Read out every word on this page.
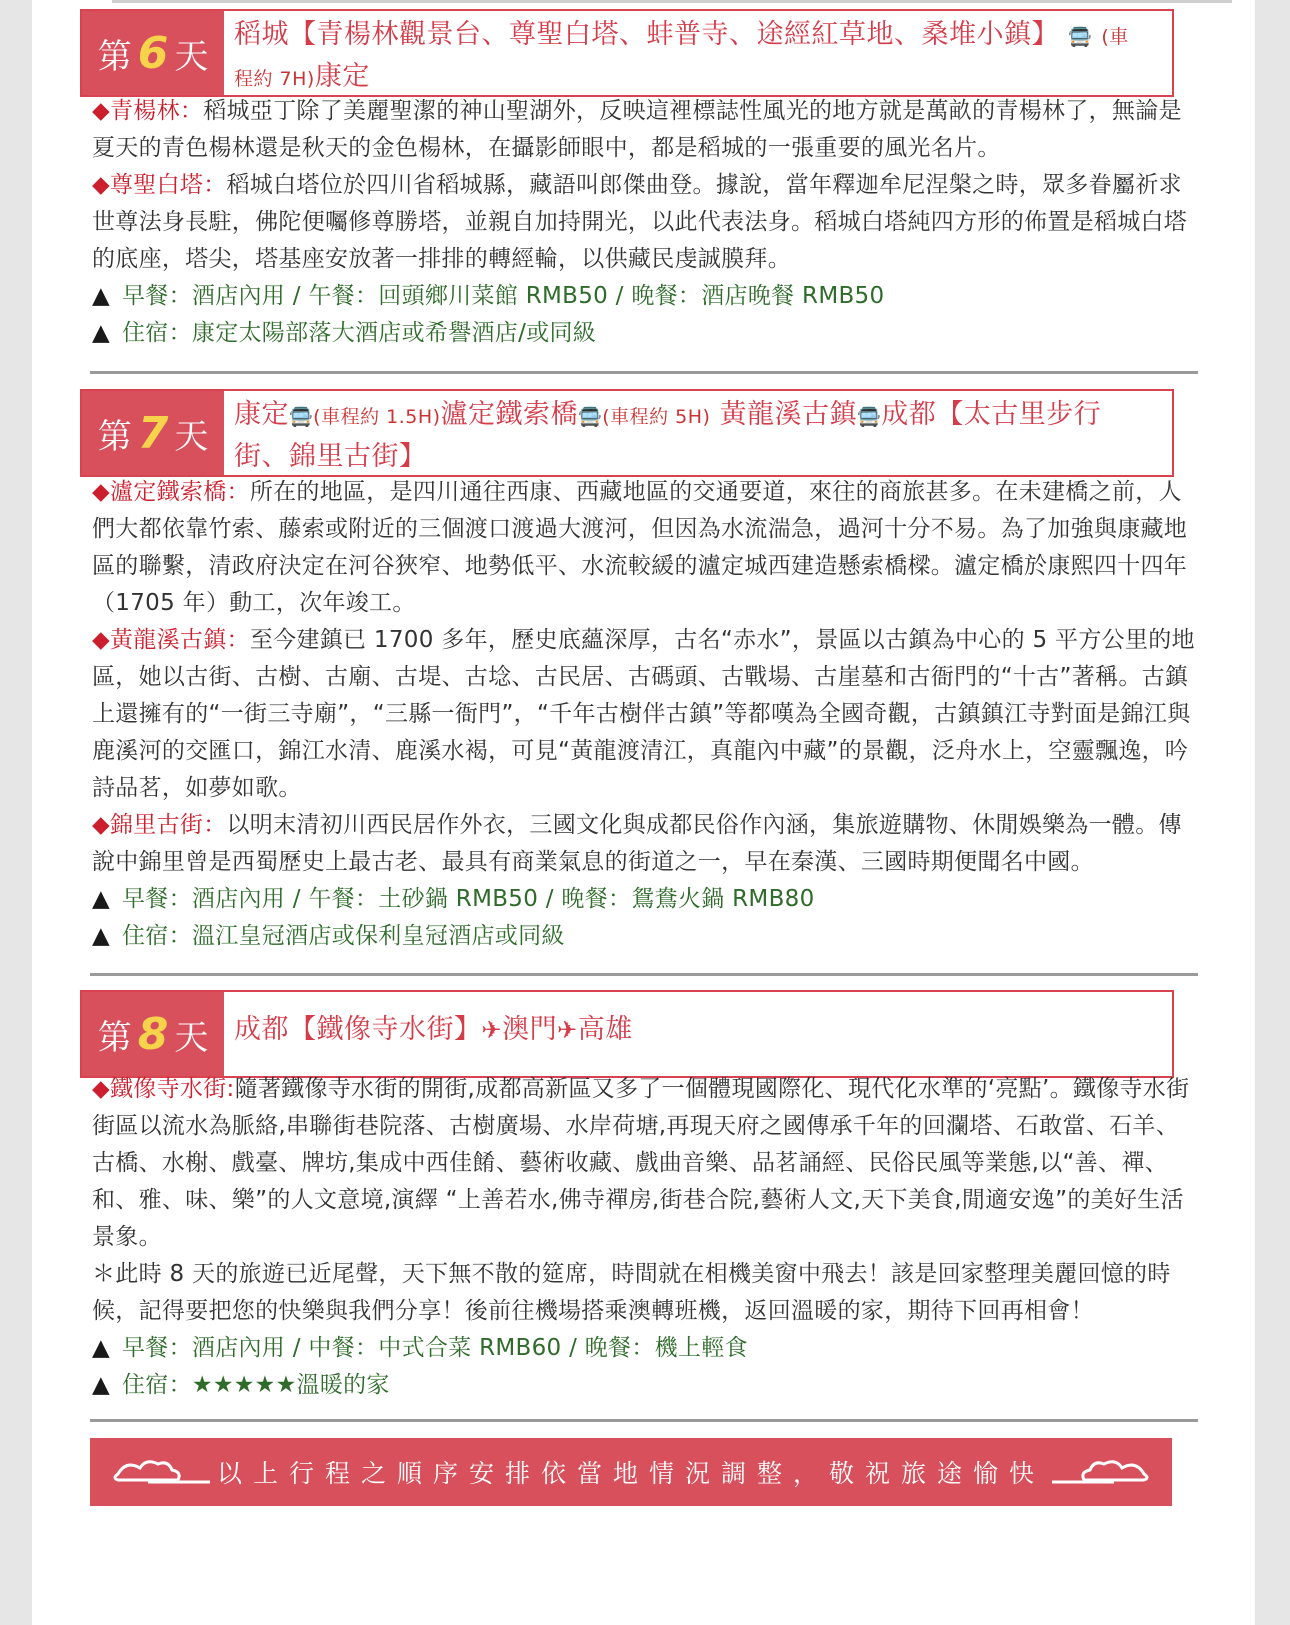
第 6 天
稻城【青楊林觀景台、尊聖白塔、蚌普寺、途經紅草地、桑堆小鎮】 🚍 (車
程約 7H)康定

◆青楊林：稻城亞丁除了美麗聖潔的神山聖湖外，反映這裡標誌性風光的地方就是萬畝的青楊林了，無論是夏天的青色楊林還是秋天的金色楊林，在攝影師眼中，都是稻城的一張重要的風光名片。

◆尊聖白塔：稻城白塔位於四川省稻城縣，藏語叫郎傑曲登。據說，當年釋迦牟尼涅槃之時，眾多眷屬祈求世尊法身長駐，佛陀便囑修尊勝塔，並親自加持開光，以此代表法身。稻城白塔純四方形的佈置是稻城白塔的底座，塔尖，塔基座安放著一排排的轉經輪，以供藏民虔誠膜拜。

▲ 早餐：酒店內用 / 午餐：回頭鄉川菜館 RMB50 / 晚餐：酒店晚餐 RMB50

▲ 住宿：康定太陽部落大酒店或希譽酒店/或同級

第 7 天
康定🚍(車程約 1.5H)瀘定鐵索橋🚍(車程約 5H) 黃龍溪古鎮🚍成都【太古里步行
街、錦里古街】

◆瀘定鐵索橋：所在的地區，是四川通往西康、西藏地區的交通要道，來往的商旅甚多。在未建橋之前，人們大都依靠竹索、藤索或附近的三個渡口渡過大渡河，但因為水流湍急，過河十分不易。為了加強與康藏地區的聯繫，清政府決定在河谷狹窄、地勢低平、水流較緩的瀘定城西建造懸索橋樑。瀘定橋於康熙四十四年（1705 年）動工，次年竣工。

◆黃龍溪古鎮：至今建鎮已 1700 多年，歷史底蘊深厚，古名“赤水”，景區以古鎮為中心的 5 平方公里的地區，她以古街、古樹、古廟、古堤、古埝、古民居、古碼頭、古戰場、古崖墓和古衙門的“十古”著稱。古鎮上還擁有的“一街三寺廟”，“三縣一衙門”，“千年古樹伴古鎮”等都嘆為全國奇觀，古鎮鎮江寺對面是錦江與鹿溪河的交匯口，錦江水清、鹿溪水褐，可見“黃龍渡清江，真龍內中藏”的景觀，泛舟水上，空靈飄逸，吟詩品茗，如夢如歌。

◆錦里古街：以明末清初川西民居作外衣，三國文化與成都民俗作內涵，集旅遊購物、休閒娛樂為一體。傳說中錦里曾是西蜀歷史上最古老、最具有商業氣息的街道之一，早在秦漢、三國時期便聞名中國。

▲ 早餐：酒店內用 / 午餐：土砂鍋 RMB50 / 晚餐：鴛鴦火鍋 RMB80

▲ 住宿：溫江皇冠酒店或保利皇冠酒店或同級

第 8 天 成都【鐵像寺水街】✈澳門✈高雄

◆鐵像寺水街:隨著鐵像寺水街的開街,成都高新區又多了一個體現國際化、現代化水準的‘亮點’。鐵像寺水街街區以流水為脈絡,串聯街巷院落、古樹廣場、水岸荷塘,再現天府之國傳承千年的回瀾塔、石敢當、石羊、古橋、水榭、戲臺、牌坊,集成中西佳餚、藝術收藏、戲曲音樂、品茗誦經、民俗民風等業態,以“善、禪、和、雅、味、樂”的人文意境,演繹 “上善若水,佛寺禪房,街巷合院,藝術人文,天下美食,閒適安逸”的美好生活景象。

＊此時 8 天的旅遊已近尾聲，天下無不散的筵席，時間就在相機美窗中飛去！該是回家整理美麗回憶的時候，記得要把您的快樂與我們分享！後前往機場搭乘澳轉班機，返回溫暖的家，期待下回再相會！

▲ 早餐：酒店內用 / 中餐：中式合菜 RMB60 / 晚餐：機上輕食

▲ 住宿：★★★★★溫暖的家

以上行程之順序安排依當地情況調整，敬祝旅途愉快
